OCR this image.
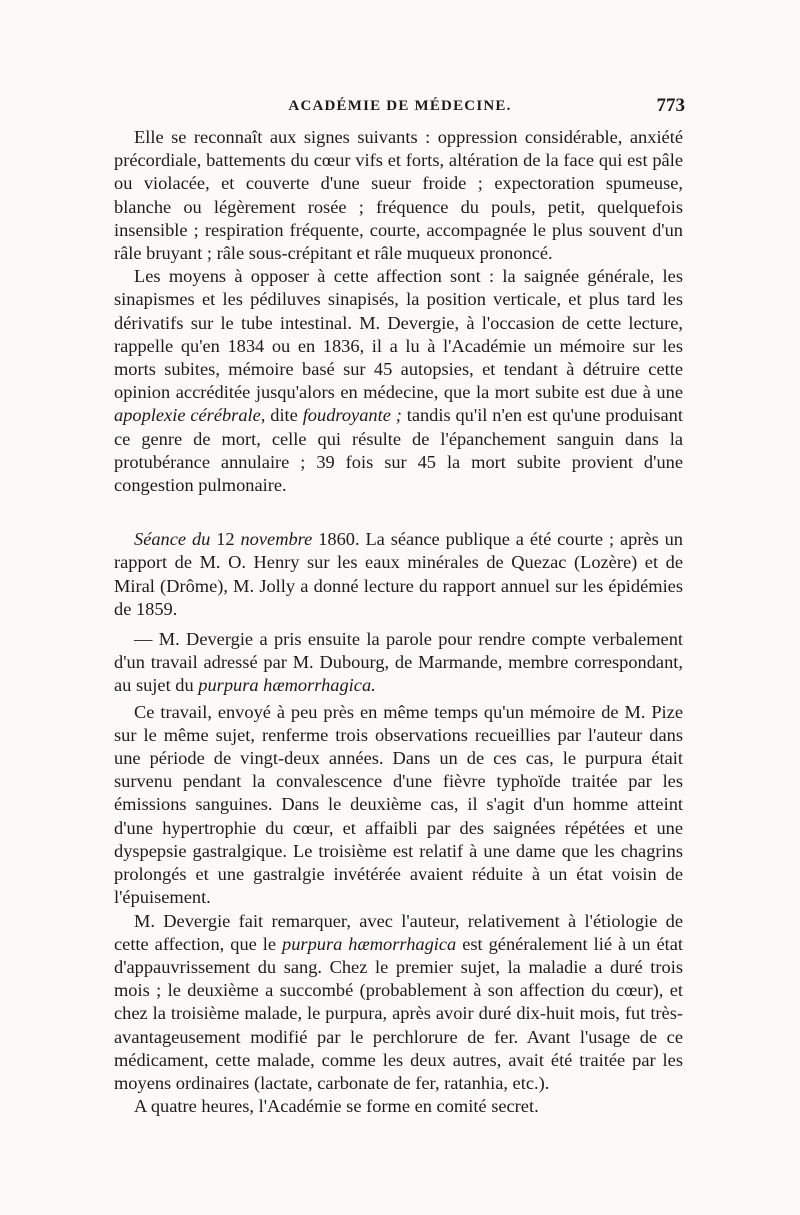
ACADÉMIE DE MÉDECINE.	773

Elle se reconnaît aux signes suivants : oppression considérable, anxiété précordiale, battements du cœur vifs et forts, altération de la face qui est pâle ou violacée, et couverte d'une sueur froide ; expectoration spumeuse, blanche ou légèrement rosée ; fréquence du pouls, petit, quelquefois insensible ; respiration fréquente, courte, accompagnée le plus souvent d'un râle bruyant ; râle sous-crépitant et râle muqueux prononcé.

Les moyens à opposer à cette affection sont : la saignée générale, les sinapismes et les pédiluves sinapisés, la position verticale, et plus tard les dérivatifs sur le tube intestinal. M. Devergie, à l'occasion de cette lecture, rappelle qu'en 1834 ou en 1836, il a lu à l'Académie un mémoire sur les morts subites, mémoire basé sur 45 autopsies, et tendant à détruire cette opinion accréditée jusqu'alors en médecine, que la mort subite est due à une apoplexie cérébrale, dite foudroyante ; tandis qu'il n'en est qu'une produisant ce genre de mort, celle qui résulte de l'épanchement sanguin dans la protubérance annulaire ; 39 fois sur 45 la mort subite provient d'une congestion pulmonaire.

Séance du 12 novembre 1860. La séance publique a été courte ; après un rapport de M. O. Henry sur les eaux minérales de Quezac (Lozère) et de Miral (Drôme), M. Jolly a donné lecture du rapport annuel sur les épidémies de 1859.

— M. Devergie a pris ensuite la parole pour rendre compte verbalement d'un travail adressé par M. Dubourg, de Marmande, membre correspondant, au sujet du purpura hæmorrhagica.

Ce travail, envoyé à peu près en même temps qu'un mémoire de M. Pize sur le même sujet, renferme trois observations recueillies par l'auteur dans une période de vingt-deux années. Dans un de ces cas, le purpura était survenu pendant la convalescence d'une fièvre typhoïde traitée par les émissions sanguines. Dans le deuxième cas, il s'agit d'un homme atteint d'une hypertrophie du cœur, et affaibli par des saignées répétées et une dyspepsie gastralgique. Le troisième est relatif à une dame que les chagrins prolongés et une gastralgie invétérée avaient réduite à un état voisin de l'épuisement.

M. Devergie fait remarquer, avec l'auteur, relativement à l'étiologie de cette affection, que le purpura hæmorrhagica est généralement lié à un état d'appauvrissement du sang. Chez le premier sujet, la maladie a duré trois mois ; le deuxième a succombé (probablement à son affection du cœur), et chez la troisième malade, le purpura, après avoir duré dix-huit mois, fut très-avantageusement modifié par le perchlorure de fer. Avant l'usage de ce médicament, cette malade, comme les deux autres, avait été traitée par les moyens ordinaires (lactate, carbonate de fer, ratanhia, etc.).

A quatre heures, l'Académie se forme en comité secret.
